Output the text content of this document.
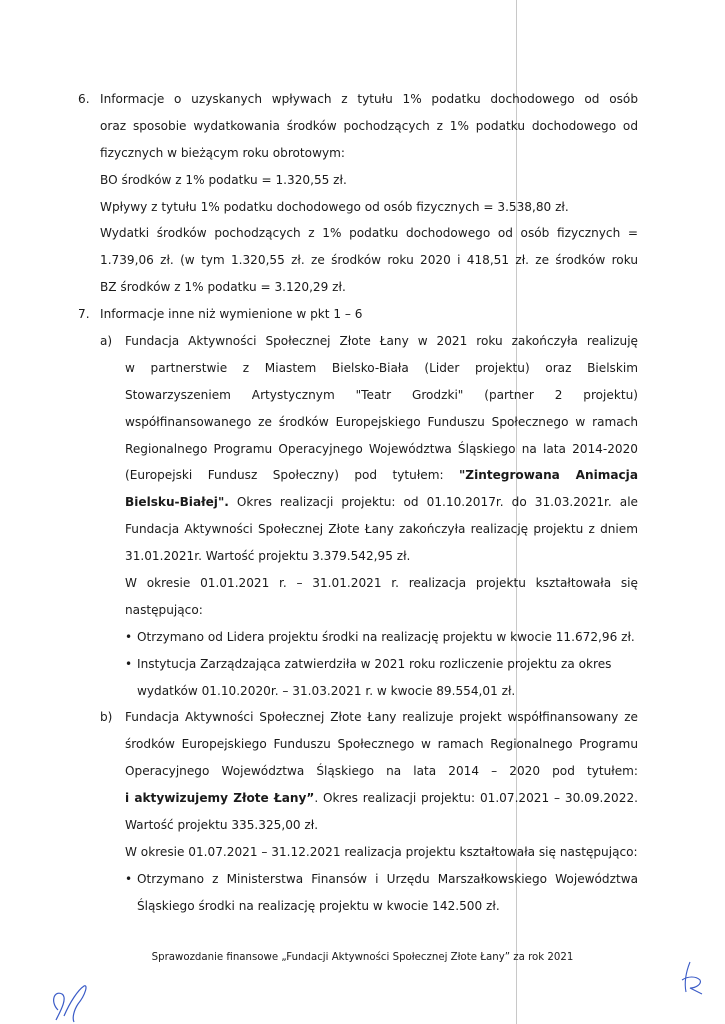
6. Informacje o uzyskanych wpływach z tytułu 1% podatku dochodowego od osób
oraz sposobie wydatkowania środków pochodzących z 1% podatku dochodowego od
fizycznych w bieżącym roku obrotowym:
BO środków z 1% podatku = 1.320,55 zł.
Wpływy z tytułu 1% podatku dochodowego od osób fizycznych = 3.538,80 zł.
Wydatki środków pochodzących z 1% podatku dochodowego od osób fizycznych =
1.739,06 zł. (w tym 1.320,55 zł. ze środków roku 2020 i 418,51 zł. ze środków roku
BZ środków z 1% podatku = 3.120,29 zł.
7. Informacje inne niż wymienione w pkt 1 – 6
a) Fundacja Aktywności Społecznej Złote Łany w 2021 roku zakończyła realizuję
w partnerstwie z Miastem Bielsko-Biała (Lider projektu) oraz Bielskim
Stowarzyszeniem Artystycznym "Teatr Grodzki" (partner 2 projektu)
współfinansowanego ze środków Europejskiego Funduszu Społecznego w ramach
Regionalnego Programu Operacyjnego Województwa Śląskiego na lata 2014-2020
(Europejski Fundusz Społeczny) pod tytułem: "Zintegrowana Animacja
Bielsku-Białej". Okres realizacji projektu: od 01.10.2017r. do 31.03.2021r. ale
Fundacja Aktywności Społecznej Złote Łany zakończyła realizację projektu z dniem
31.01.2021r. Wartość projektu 3.379.542,95 zł.
W okresie 01.01.2021 r. – 31.01.2021 r. realizacja projektu kształtowała się
następująco:
• Otrzymano od Lidera projektu środki na realizację projektu w kwocie 11.672,96 zł.
• Instytucja Zarządzająca zatwierdziła w 2021 roku rozliczenie projektu za okres
wydatków 01.10.2020r. – 31.03.2021 r. w kwocie 89.554,01 zł.
b) Fundacja Aktywności Społecznej Złote Łany realizuje projekt współfinansowany ze
środków Europejskiego Funduszu Społecznego w ramach Regionalnego Programu
Operacyjnego Województwa Śląskiego na lata 2014 – 2020 pod tytułem:
i aktywizujemy Złote Łany”. Okres realizacji projektu: 01.07.2021 – 30.09.2022.
Wartość projektu 335.325,00 zł.
W okresie 01.07.2021 – 31.12.2021 realizacja projektu kształtowała się następująco:
• Otrzymano z Ministerstwa Finansów i Urzędu Marszałkowskiego Województwa
Śląskiego środki na realizację projektu w kwocie 142.500 zł.
Sprawozdanie finansowe „Fundacji Aktywności Społecznej Złote Łany” za rok 2021
